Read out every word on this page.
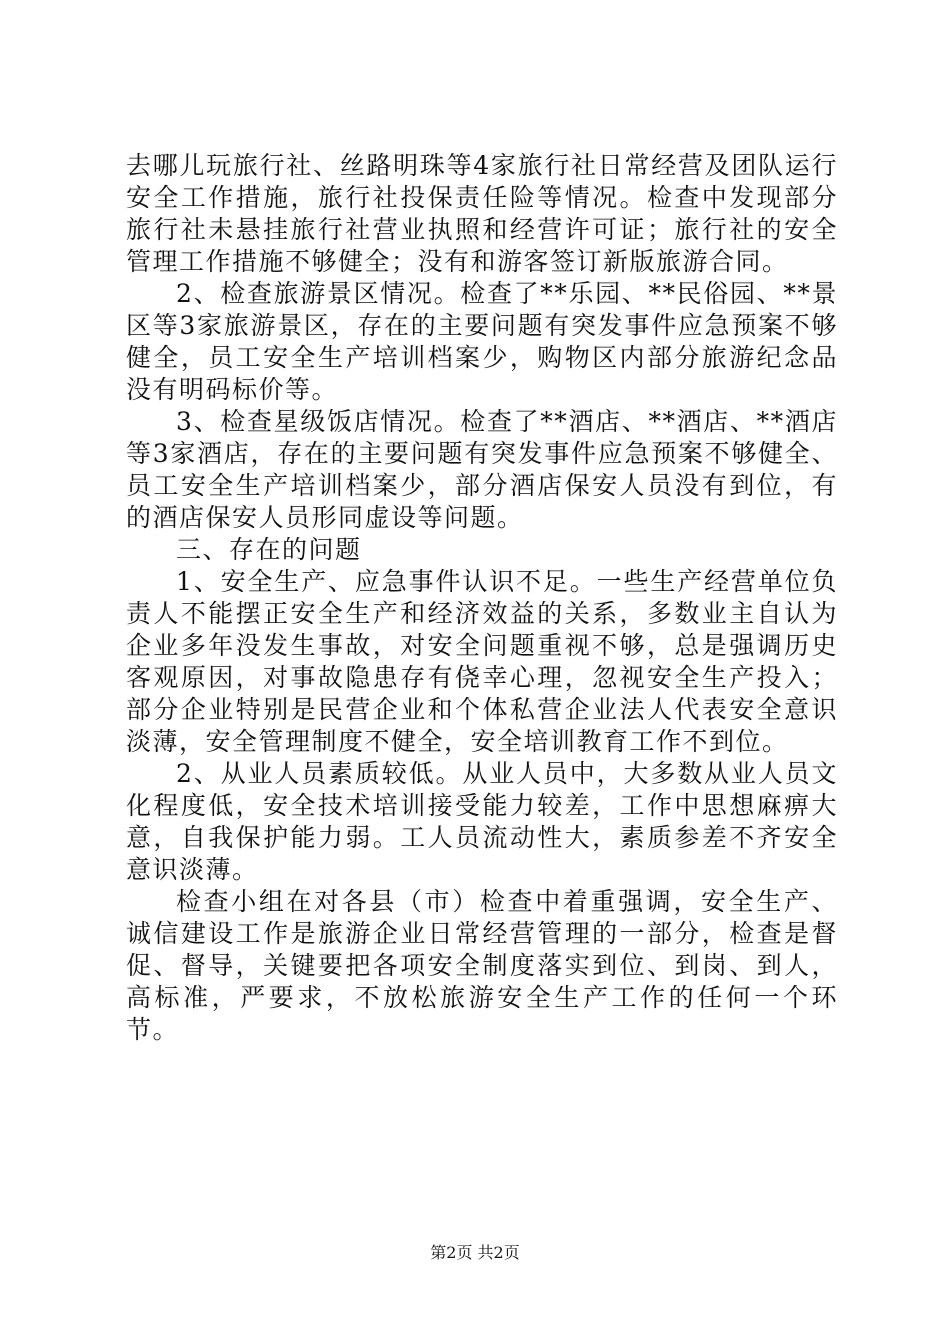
去哪儿玩旅行社、丝路明珠等4家旅行社日常经营及团队运行安全工作措施，旅行社投保责任险等情况。检查中发现部分旅行社未悬挂旅行社营业执照和经营许可证；旅行社的安全管理工作措施不够健全；没有和游客签订新版旅游合同。

2、检查旅游景区情况。检查了**乐园、**民俗园、**景区等3家旅游景区，存在的主要问题有突发事件应急预案不够健全，员工安全生产培训档案少，购物区内部分旅游纪念品没有明码标价等。

3、检查星级饭店情况。检查了**酒店、**酒店、**酒店等3家酒店，存在的主要问题有突发事件应急预案不够健全、员工安全生产培训档案少，部分酒店保安人员没有到位，有的酒店保安人员形同虚设等问题。

三、存在的问题

1、安全生产、应急事件认识不足。一些生产经营单位负责人不能摆正安全生产和经济效益的关系，多数业主自认为企业多年没发生事故，对安全问题重视不够，总是强调历史客观原因，对事故隐患存有侥幸心理，忽视安全生产投入；部分企业特别是民营企业和个体私营企业法人代表安全意识淡薄，安全管理制度不健全，安全培训教育工作不到位。

2、从业人员素质较低。从业人员中，大多数从业人员文化程度低，安全技术培训接受能力较差，工作中思想麻痹大意，自我保护能力弱。工人员流动性大，素质参差不齐安全意识淡薄。

检查小组在对各县（市）检查中着重强调，安全生产、诚信建设工作是旅游企业日常经营管理的一部分，检查是督促、督导，关键要把各项安全制度落实到位、到岗、到人，高标准，严要求，不放松旅游安全生产工作的任何一个环节。

第2页 共2页
